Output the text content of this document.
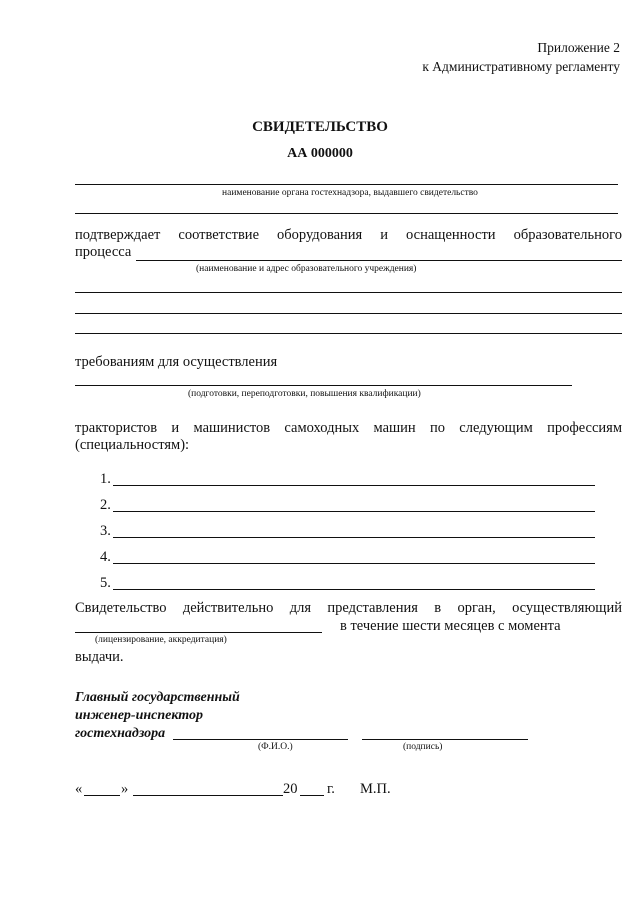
Приложение 2
к Административному регламенту
СВИДЕТЕЛЬСТВО
АА 000000
наименование органа гостехнадзора, выдавшего свидетельство
подтверждает соответствие оборудования и оснащенности образовательного
процесса
(наименование и адрес образовательного учреждения)
требованиям для осуществления
(подготовки, переподготовки, повышения квалификации)
трактористов и машинистов самоходных машин по следующим профессиям
(специальностям):
1.
2.
3.
4.
5.
Свидетельство действительно для представления в орган, осуществляющий
в течение шести месяцев с момента
(лицензирование, аккредитация)
выдачи.
Главный государственный
инженер-инспектор
гостехнадзора
(Ф.И.О.)	(подпись)
«	»	20 г. М.П.
